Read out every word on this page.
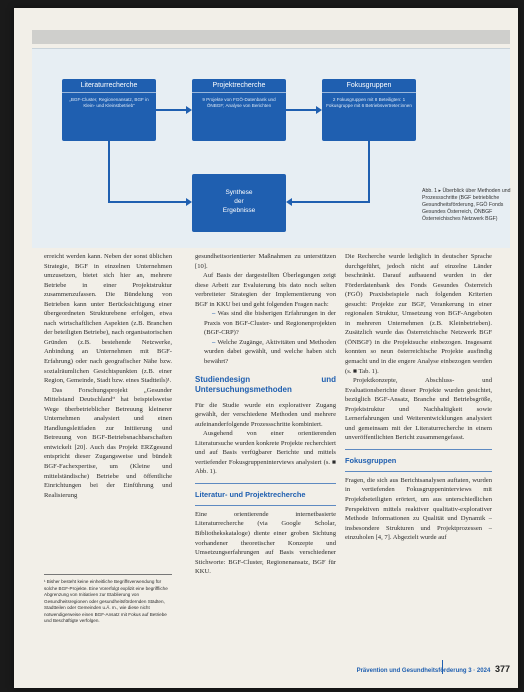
Literaturrecherche
„BGF-Cluster, Regionenansatz, BGF in Klein- und Kleinstbetrieb“
Projektrecherche
9 Projekte von FGÖ-Datenbank und ÖNBGF; Analyse von Berichten
Fokusgruppen
2 Fokusgruppen mit 8 Beteiligten: 1 Fokusgruppe mit 6 Betriebsvertreter:innen
Synthese
der
Ergebnisse
Abb. 1 ▸ Überblick über Methoden und Prozessschritte (BGF betriebliche Gesundheitsförderung, FGÖ Fonds Gesundes Österreich, ÖNBGF Österreichisches Netzwerk BGF)

erreicht werden kann. Neben der sonst üblichen Strategie, BGF in einzelnen Unternehmen umzusetzen, bietet sich hier an, mehrere Betriebe in einer Projektstruktur zusammenzufassen. Die Bündelung von Betrieben kann unter Berücksichtigung einer übergeordneten Strukturebene erfolgen, etwa nach wirtschaftlichen Aspekten (z.B. Branchen der beteiligten Betriebe), nach organisatorischen Gründen (z.B. bestehende Netzwerke, Anbindung an Unternehmen mit BGF-Erfahrung) oder nach geografischer Nähe bzw. sozialräumlichen Gesichtspunkten (z.B. einer Region, Gemeinde, Stadt bzw. eines Stadtteils)¹.

Das Forschungsprojekt „Gesunder Mittelstand Deutschland“ hat beispielsweise Wege überbetrieblicher Betreuung kleinerer Unternehmen analysiert und einen Handlungsleitfaden zur Initiierung und Betreuung von BGF-Betriebsnachbarschaften entwickelt [20]. Auch das Projekt ERZgesund entspricht dieser Zugangsweise und bündelt BGF-Fachexpertise, um (Kleine und mittelständische) Betriebe und öffentliche Einrichtungen bei der Einführung und Realisierung

¹ Bisher besteht keine einheitliche Begriffsverwendung für solche BGF-Projekte. Eine Vorerfolgt explizit eine begriffliche Abgrenzung von Initiativen zur Etablierung von Gesundheitsregionen oder gesundheitsfördernden Städten, Stadtteilen oder Gemeinden u.Ä. m., wie diese nicht notwendigerweise einen BGF-Ansatz mit Fokus auf Betriebe und Beschäftigte verfolgen.

gesundheitsorientierter Maßnahmen zu unterstützen [10].

Auf Basis der dargestellten Überlegungen zeigt diese Arbeit zur Evaluierung bis dato noch selten verbreiteter Strategien der Implementierung von BGF in KKU bei und geht folgenden Fragen nach:

– Was sind die bisherigen Erfahrungen in der Praxis von BGF-Cluster- und Regionenprojekten (BGF-CRP)?

– Welche Zugänge, Aktivitäten und Methoden wurden dabei gewählt, und welche haben sich bewährt?

Studiendesign und Untersuchungsmethoden

Für die Studie wurde ein explorativer Zugang gewählt, der verschiedene Methoden und mehrere aufeinanderfolgende Prozessschritte kombiniert.

Ausgehend von einer orientierenden Literatursuche wurden konkrete Projekte recherchiert und auf Basis verfügbarer Berichte und mittels vertiefender Fokusgruppeninterviews analysiert (s. ■ Abb. 1).

Literatur- und Projektrecherche

Eine orientierende internetbasierte Literaturrecherche (via Google Scholar, Bibliothekskataloge) diente einer groben Sichtung vorhandener theoretischer Konzepte und Umsetzungserfahrungen auf Basis verschiedener Stichworte: BGF-Cluster, Regionenansatz, BGF für KKU.

Die Recherche wurde lediglich in deutscher Sprache durchgeführt, jedoch nicht auf einzelne Länder beschränkt. Darauf aufbauend wurden in der Förderdatenbank des Fonds Gesundes Österreich (FGÖ) Praxisbeispiele nach folgenden Kriterien gesucht: Projekte zur BGF, Verankerung in einer regionalen Struktur, Umsetzung von BGF-Angeboten in mehreren Unternehmen (z.B. Kleinbetrieben). Zusätzlich wurde das Österreichische Netzwerk BGF (ÖNBGF) in die Projektsuche einbezogen. Insgesamt konnten so neun österreichische Projekte ausfindig gemacht und in die engere Analyse einbezogen werden (s. ■ Tab. 1).

Projektkonzepte, Abschluss- und Evaluationsberichte dieser Projekte wurden gesichtet, bezüglich BGF-Ansatz, Branche und Betriebsgröße, Projektstruktur und Nachhaltigkeit sowie Lernerfahrungen und Weiterentwicklungen analysiert und gemeinsam mit der Literaturrecherche in einem unveröffentlichten Bericht zusammengefasst.

Fokusgruppen

Fragen, die sich aus Berichtsanalysen auftaten, wurden in vertiefenden Fokusgruppeninterviews mit Projektbeteiligten erörtert, um aus unterschiedlichen Perspektiven mittels reaktiver qualitativ-explorativer Methode Informationen zu Qualität und Dynamik – insbesondere Strukturen und Projektprozessen – einzuholen [4, 7]. Abgezielt wurde auf

Prävention und Gesundheitsförderung 3 · 2024 377
